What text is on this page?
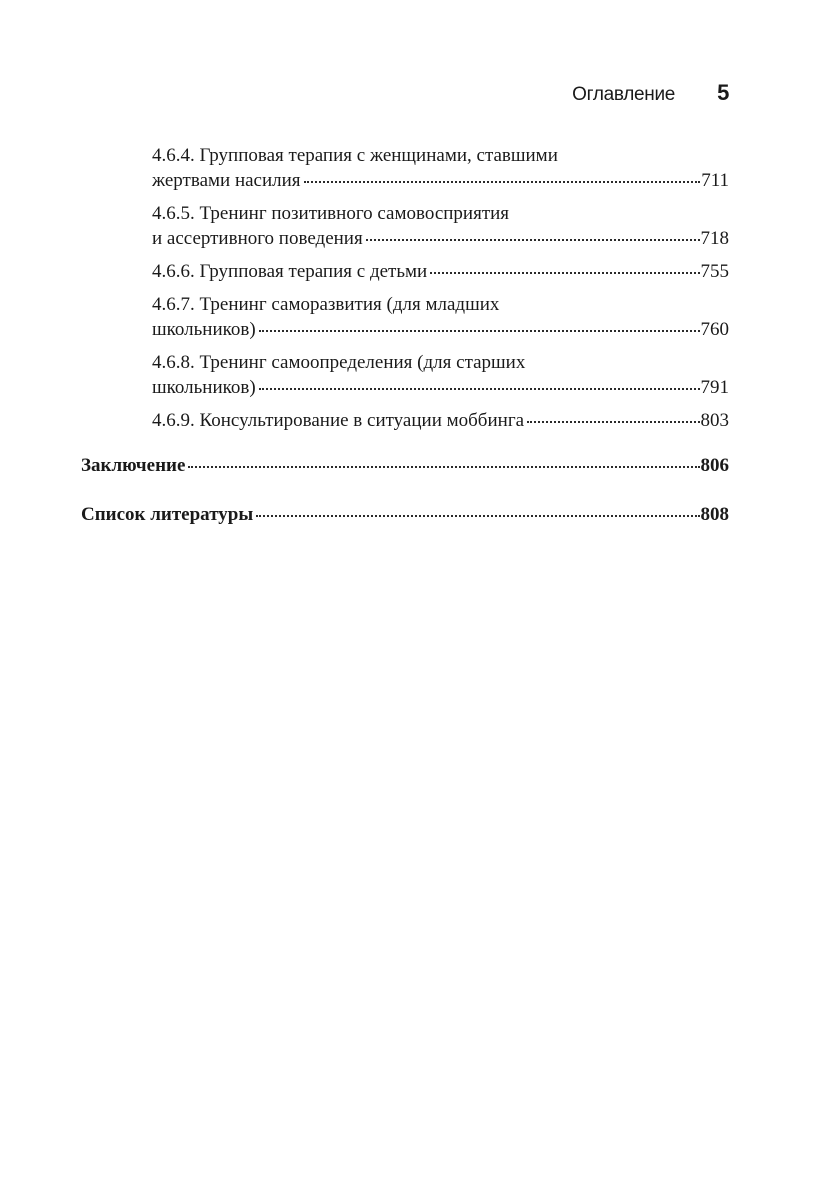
Оглавление 5
4.6.4. Групповая терапия с женщинами, ставшими
жертвами насилия	711
4.6.5. Тренинг позитивного самовосприятия
и ассертивного поведения	718
4.6.6. Групповая терапия с детьми	755
4.6.7. Тренинг саморазвития (для младших
школьников)	760
4.6.8. Тренинг самоопределения (для старших
школьников)	791
4.6.9. Консультирование в ситуации моббинга	803
Заключение	806
Список литературы	808
